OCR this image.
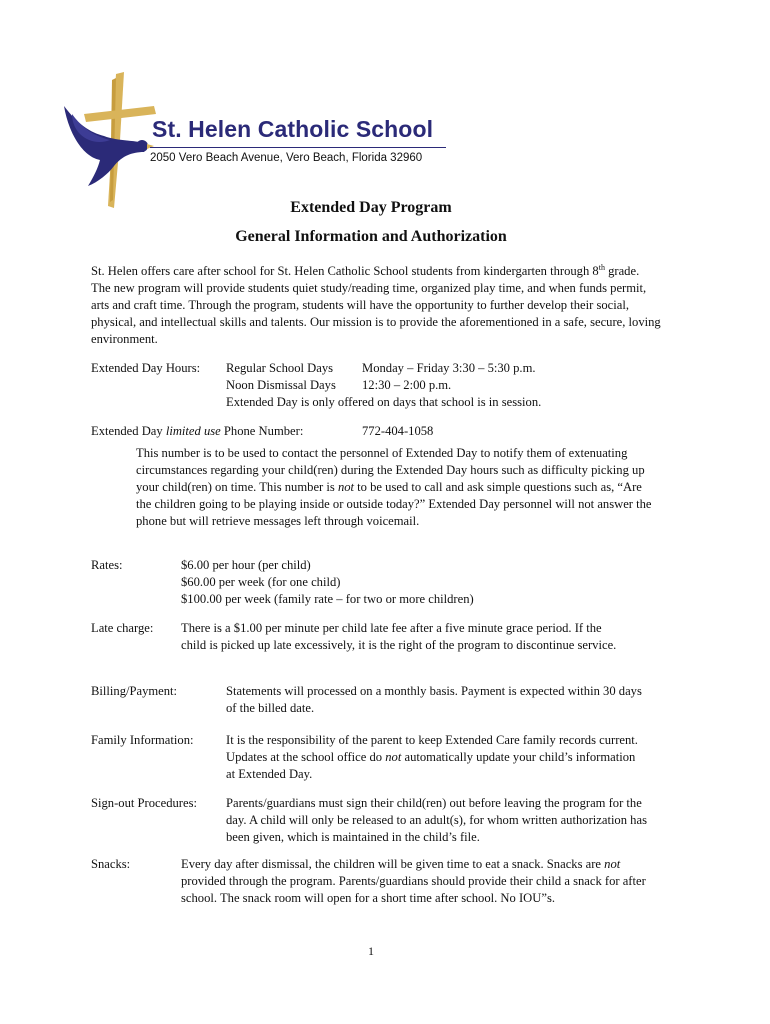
St. Helen Catholic School

2050 Vero Beach Avenue, Vero Beach, Florida 32960

Extended Day Program
General Information and Authorization

St. Helen offers care after school for St. Helen Catholic School students from kindergarten through 8th grade. The new program will provide students quiet study/reading time, organized play time, and when funds permit, arts and craft time. Through the program, students will have the opportunity to further develop their social, physical, and intellectual skills and talents. Our mission is to provide the aforementioned in a safe, secure, loving environment.

Extended Day Hours: Regular School Days Monday – Friday 3:30 – 5:30 p.m.
Noon Dismissal Days 12:30 – 2:00 p.m.
Extended Day is only offered on days that school is in session.

Extended Day limited use Phone Number:	772-404-1058

This number is to be used to contact the personnel of Extended Day to notify them of extenuating circumstances regarding your child(ren) during the Extended Day hours such as difficulty picking up your child(ren) on time. This number is not to be used to call and ask simple questions such as, “Are the children going to be playing inside or outside today?” Extended Day personnel will not answer the phone but will retrieve messages left through voicemail.

Rates:	$6.00 per hour (per child)
$60.00 per week (for one child)
$100.00 per week (family rate – for two or more children)

Late charge: There is a $1.00 per minute per child late fee after a five minute grace period. If the child is picked up late excessively, it is the right of the program to discontinue service.

Billing/Payment:	Statements will processed on a monthly basis. Payment is expected within 30 days of the billed date.

Family Information:	It is the responsibility of the parent to keep Extended Care family records current. Updates at the school office do not automatically update your child’s information at Extended Day.

Sign-out Procedures: Parents/guardians must sign their child(ren) out before leaving the program for the day. A child will only be released to an adult(s), for whom written authorization has been given, which is maintained in the child’s file.

Snacks:	Every day after dismissal, the children will be given time to eat a snack. Snacks are not provided through the program. Parents/guardians should provide their child a snack for after school. The snack room will open for a short time after school. No IOU”s.

1
